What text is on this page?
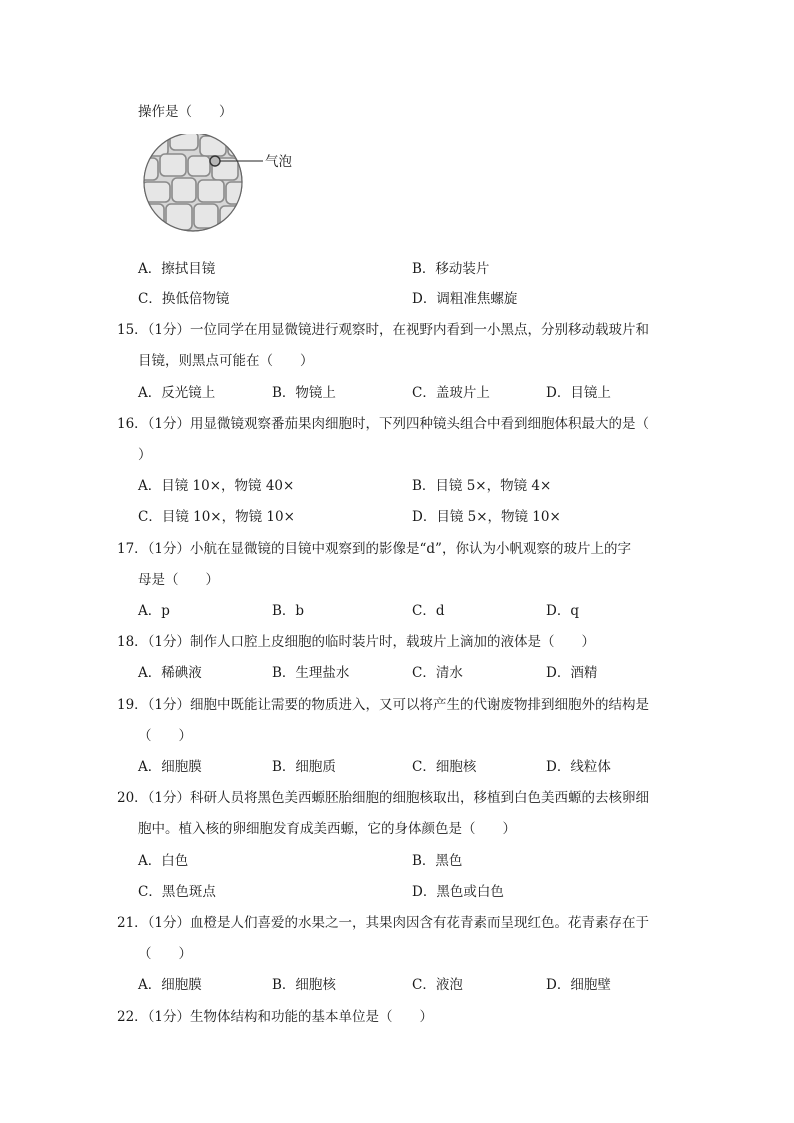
操作是（　　）
气泡
A．擦拭目镜	B．移动装片
C．换低倍物镜	D．调粗准焦螺旋
15．（1分）一位同学在用显微镜进行观察时，在视野内看到一小黑点，分别移动载玻片和
目镜，则黑点可能在（　　）
A．反光镜上	B．物镜上	C．盖玻片上	D．目镜上
16．（1分）用显微镜观察番茄果肉细胞时，下列四种镜头组合中看到细胞体积最大的是（
）
A．目镜 10×，物镜 40×	B．目镜 5×，物镜 4×
C．目镜 10×，物镜 10×	D．目镜 5×，物镜 10×
17．（1分）小航在显微镜的目镜中观察到的影像是“d”，你认为小帆观察的玻片上的字
母是（　　）
A．p	B．b	C．d	D．q
18．（1分）制作人口腔上皮细胞的临时装片时，载玻片上滴加的液体是（　　）
A．稀碘液	B．生理盐水	C．清水	D．酒精
19．（1分）细胞中既能让需要的物质进入，又可以将产生的代谢废物排到细胞外的结构是
（　　）
A．细胞膜	B．细胞质	C．细胞核	D．线粒体
20．（1分）科研人员将黑色美西螈胚胎细胞的细胞核取出，移植到白色美西螈的去核卵细
胞中。植入核的卵细胞发育成美西螈，它的身体颜色是（　　）
A．白色	B．黑色
C．黑色斑点	D．黑色或白色
21．（1分）血橙是人们喜爱的水果之一，其果肉因含有花青素而呈现红色。花青素存在于
（　　）
A．细胞膜	B．细胞核	C．液泡	D．细胞壁
22．（1分）生物体结构和功能的基本单位是（　　）
